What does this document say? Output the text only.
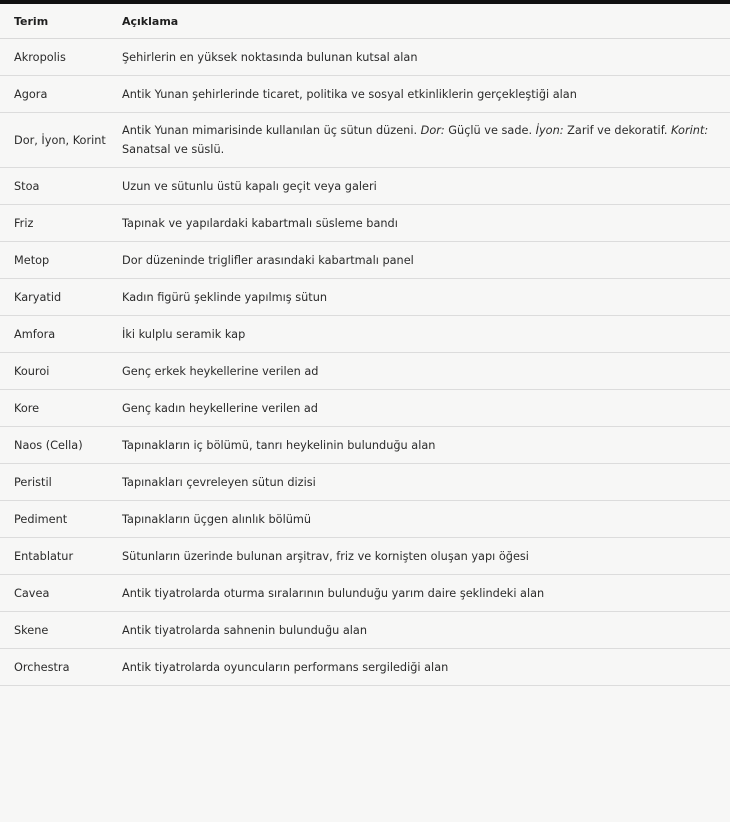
Terim	Açıklama
Akropolis	Şehirlerin en yüksek noktasında bulunan kutsal alan
Agora	Antik Yunan şehirlerinde ticaret, politika ve sosyal etkinliklerin gerçekleştiği alan
Dor, İyon, Korint	Antik Yunan mimarisinde kullanılan üç sütun düzeni. Dor: Güçlü ve sade. İyon: Zarif ve dekoratif. Korint: Sanatsal ve süslü.
Stoa	Uzun ve sütunlu üstü kapalı geçit veya galeri
Friz	Tapınak ve yapılardaki kabartmalı süsleme bandı
Metop	Dor düzeninde triglifler arasındaki kabartmalı panel
Karyatid	Kadın figürü şeklinde yapılmış sütun
Amfora	İki kulplu seramik kap
Kouroi	Genç erkek heykellerine verilen ad
Kore	Genç kadın heykellerine verilen ad
Naos (Cella)	Tapınakların iç bölümü, tanrı heykelinin bulunduğu alan
Peristil	Tapınakları çevreleyen sütun dizisi
Pediment	Tapınakların üçgen alınlık bölümü
Entablatur	Sütunların üzerinde bulunan arşitrav, friz ve kornişten oluşan yapı öğesi
Cavea	Antik tiyatrolarda oturma sıralarının bulunduğu yarım daire şeklindeki alan
Skene	Antik tiyatrolarda sahnenin bulunduğu alan
Orchestra	Antik tiyatrolarda oyuncuların performans sergilediği alan
